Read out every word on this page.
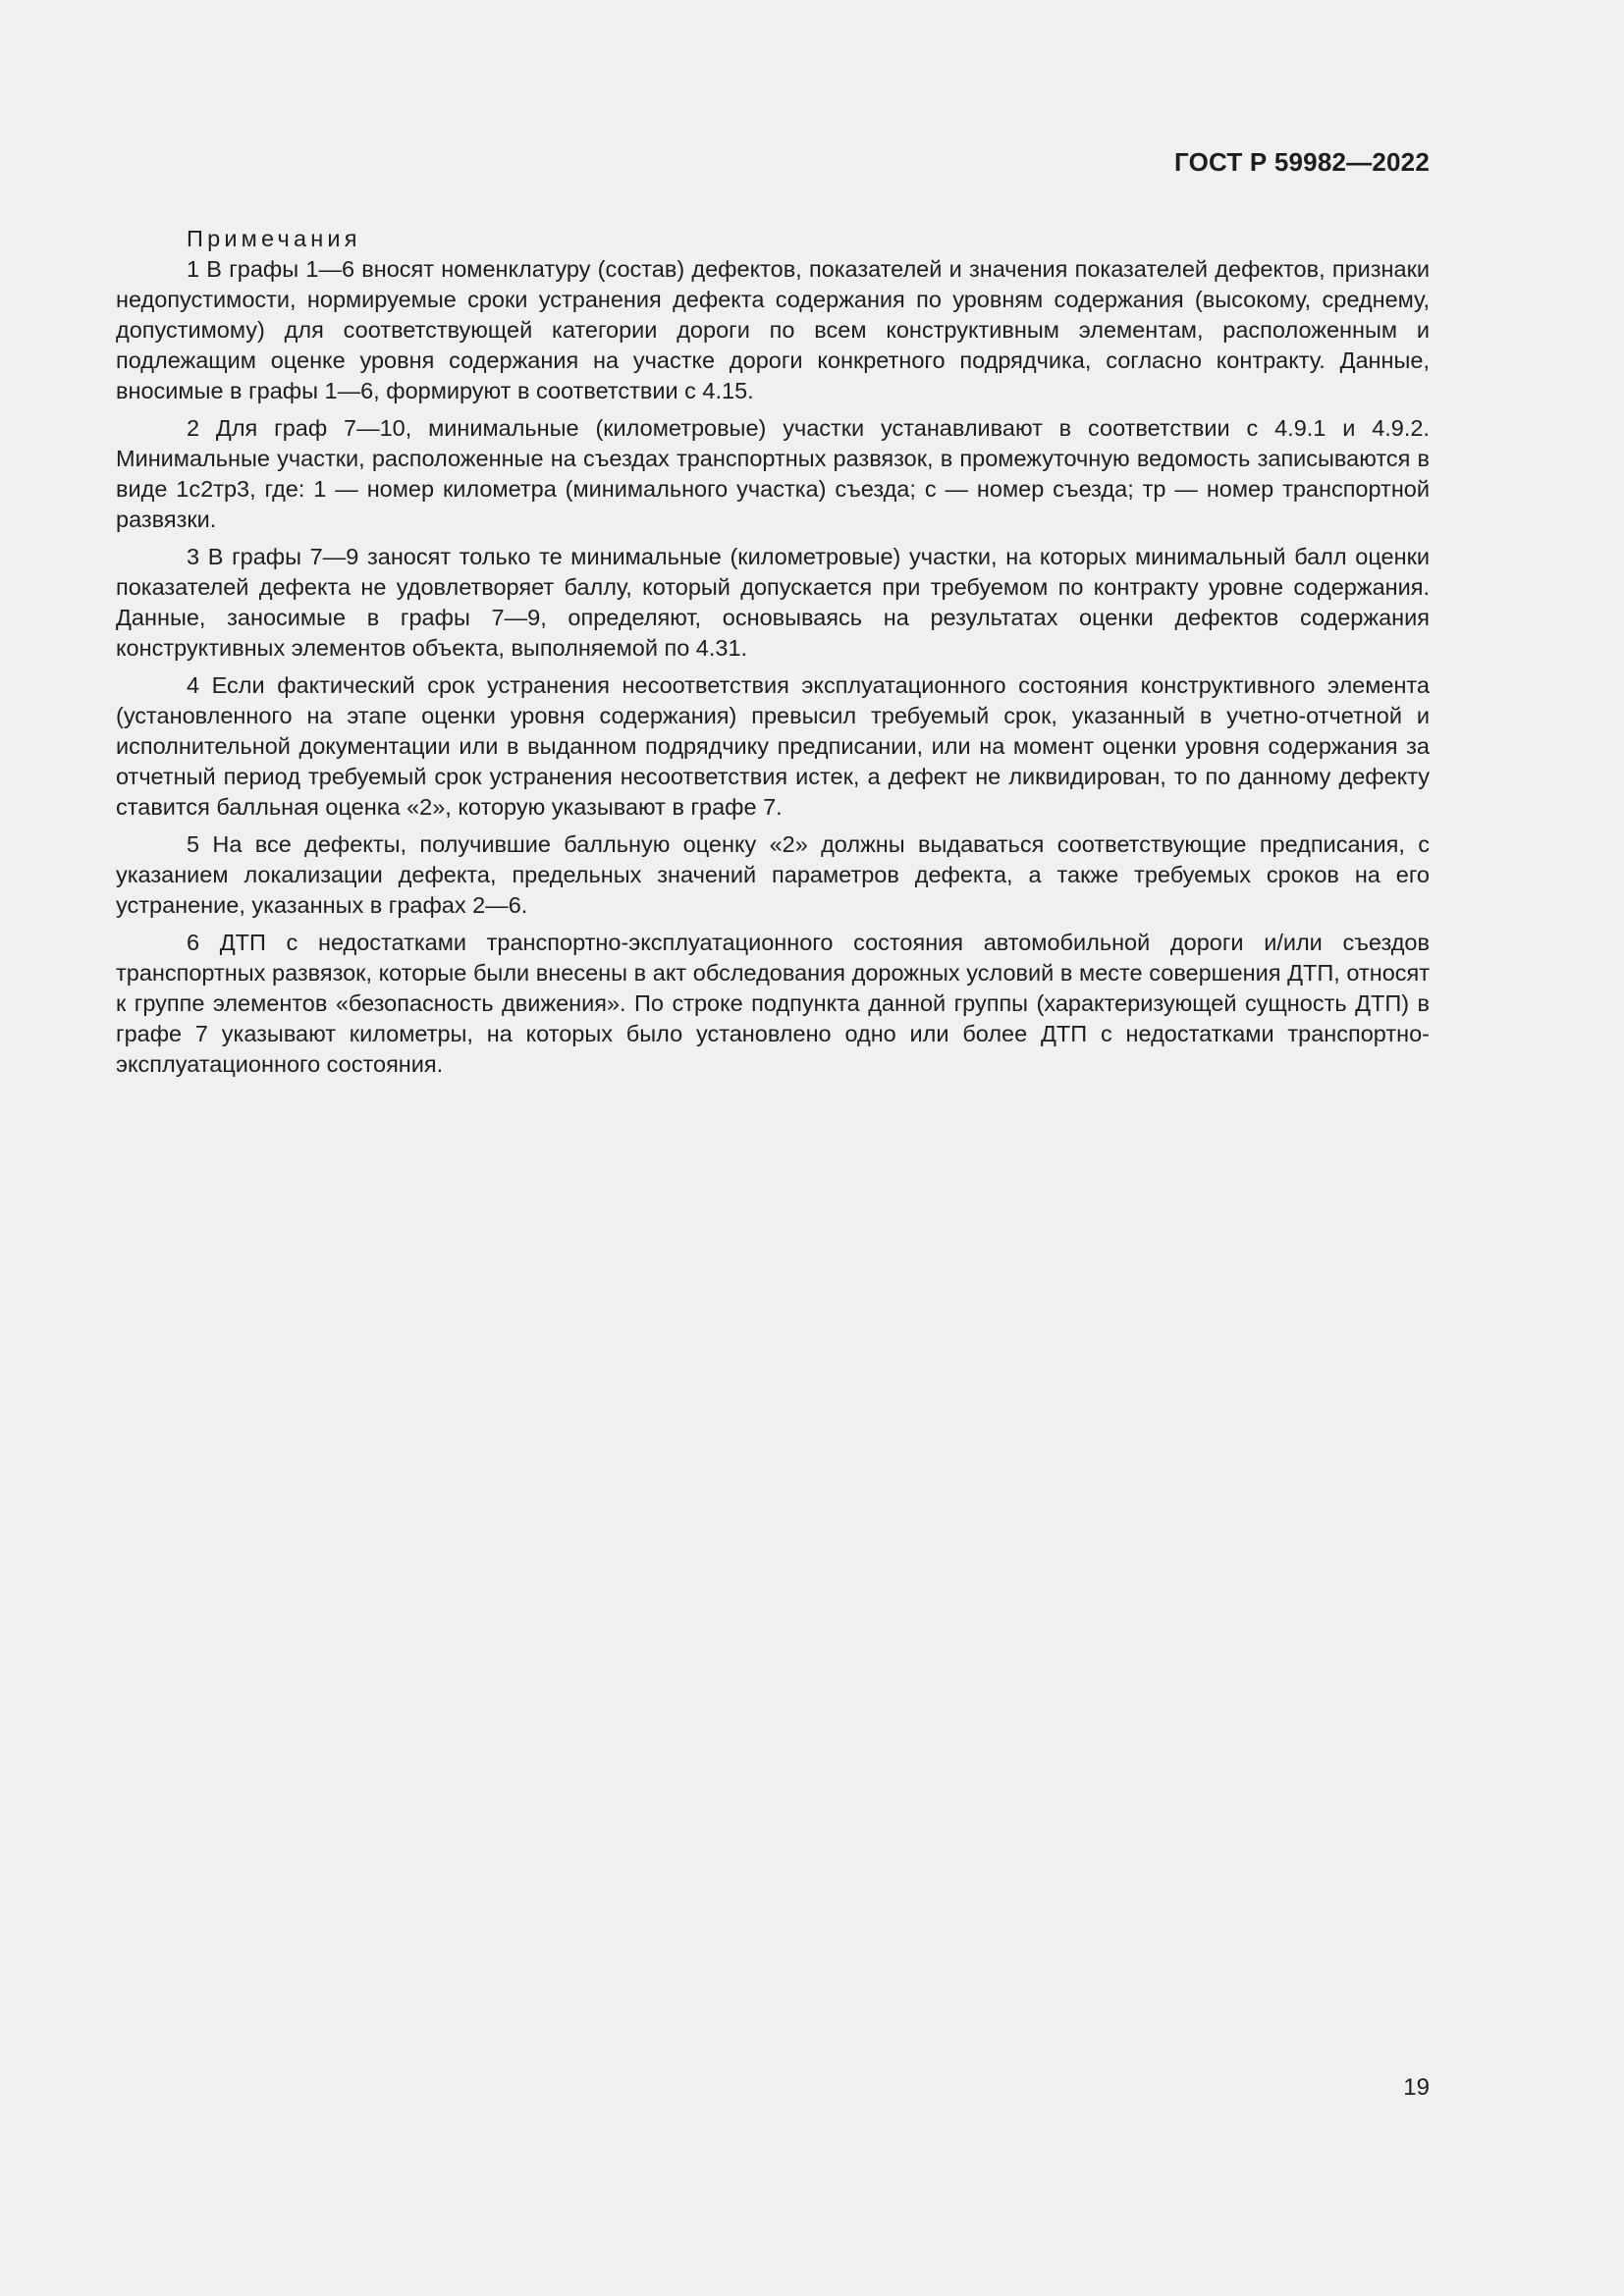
ГОСТ Р 59982—2022

Примечания

1 В графы 1—6 вносят номенклатуру (состав) дефектов, показателей и значения показателей дефектов, признаки недопустимости, нормируемые сроки устранения дефекта содержания по уровням содержания (высокому, среднему, допустимому) для соответствующей категории дороги по всем конструктивным элементам, расположенным и подлежащим оценке уровня содержания на участке дороги конкретного подрядчика, согласно контракту. Данные, вносимые в графы 1—6, формируют в соответствии с 4.15.

2 Для граф 7—10, минимальные (километровые) участки устанавливают в соответствии с 4.9.1 и 4.9.2. Минимальные участки, расположенные на съездах транспортных развязок, в промежуточную ведомость записываются в виде 1с2тр3, где: 1 — номер километра (минимального участка) съезда; с — номер съезда; тр — номер транспортной развязки.

3 В графы 7—9 заносят только те минимальные (километровые) участки, на которых минимальный балл оценки показателей дефекта не удовлетворяет баллу, который допускается при требуемом по контракту уровне содержания. Данные, заносимые в графы 7—9, определяют, основываясь на результатах оценки дефектов содержания конструктивных элементов объекта, выполняемой по 4.31.

4 Если фактический срок устранения несоответствия эксплуатационного состояния конструктивного элемента (установленного на этапе оценки уровня содержания) превысил требуемый срок, указанный в учетно-отчетной и исполнительной документации или в выданном подрядчику предписании, или на момент оценки уровня содержания за отчетный период требуемый срок устранения несоответствия истек, а дефект не ликвидирован, то по данному дефекту ставится балльная оценка «2», которую указывают в графе 7.

5 На все дефекты, получившие балльную оценку «2» должны выдаваться соответствующие предписания, с указанием локализации дефекта, предельных значений параметров дефекта, а также требуемых сроков на его устранение, указанных в графах 2—6.

6 ДТП с недостатками транспортно-эксплуатационного состояния автомобильной дороги и/или съездов транспортных развязок, которые были внесены в акт обследования дорожных условий в месте совершения ДТП, относят к группе элементов «безопасность движения». По строке подпункта данной группы (характеризующей сущность ДТП) в графе 7 указывают километры, на которых было установлено одно или более ДТП с недостатками транспортно-эксплуатационного состояния.

19
